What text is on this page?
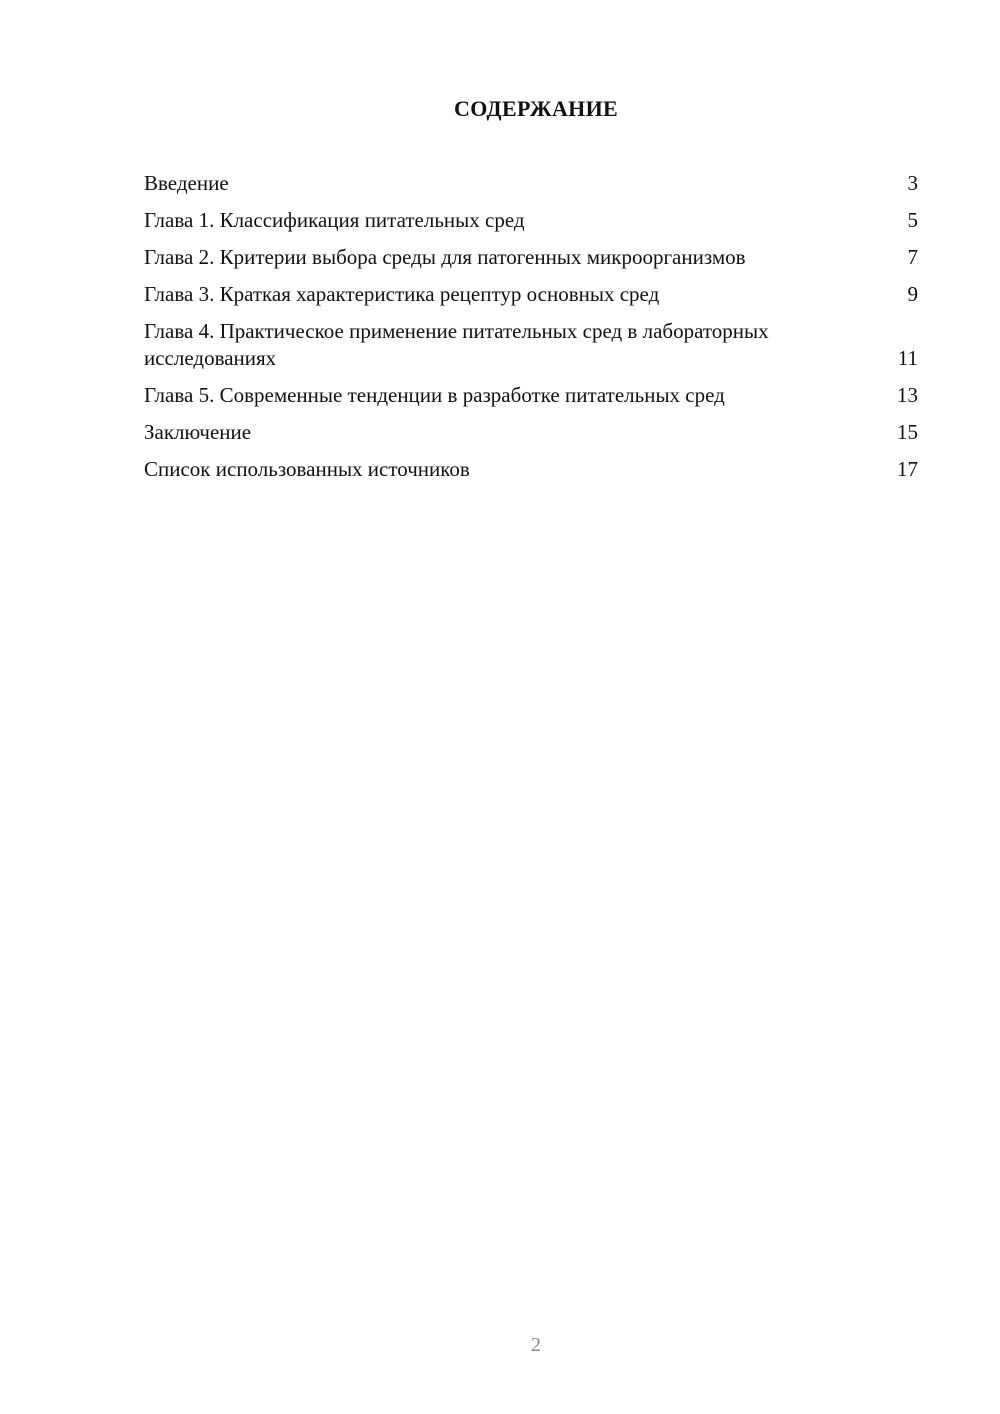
СОДЕРЖАНИЕ
Введение	3
Глава 1. Классификация питательных сред	5
Глава 2. Критерии выбора среды для патогенных микроорганизмов	7
Глава 3. Краткая характеристика рецептур основных сред	9
Глава 4. Практическое применение питательных сред в лабораторных исследованиях	11
Глава 5. Современные тенденции в разработке питательных сред	13
Заключение	15
Список использованных источников	17
2
